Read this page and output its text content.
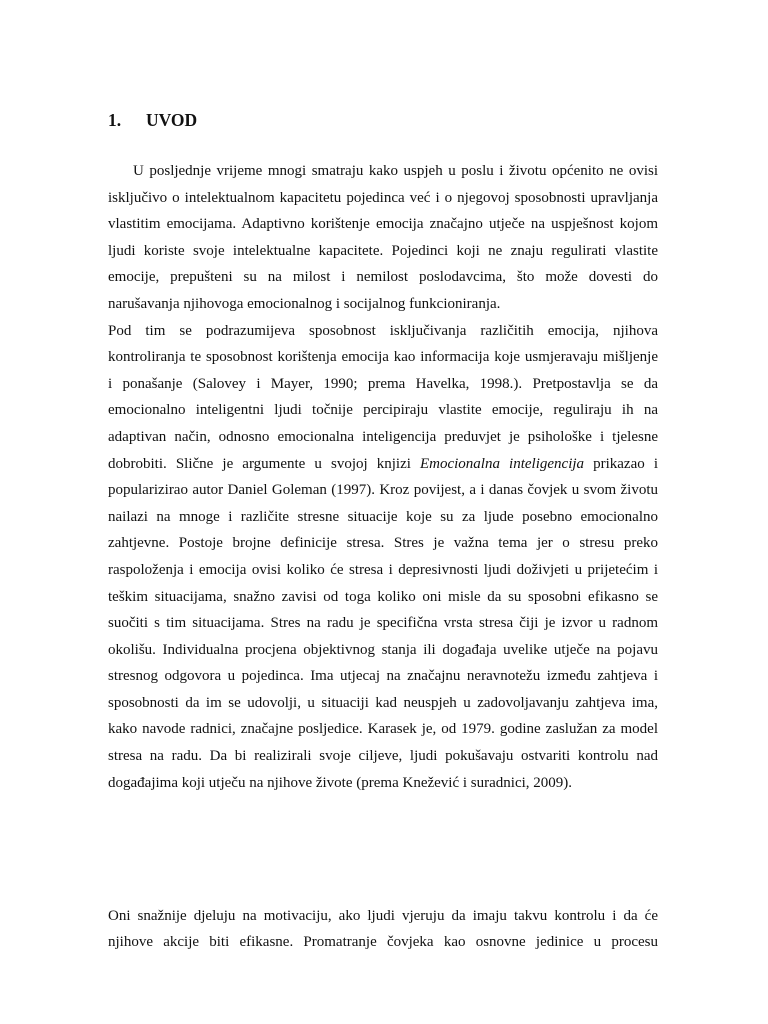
1. UVOD
U posljednje vrijeme mnogi smatraju kako uspjeh u poslu i životu općenito ne ovisi
isključivo o intelektualnom kapacitetu pojedinca već i o njegovoj sposobnosti upravljanja
vlastitim emocijama. Adaptivno korištenje emocija značajno utječe na uspješnost kojom
ljudi koriste svoje intelektualne kapacitete. Pojedinci koji ne znaju regulirati vlastite
emocije, prepušteni su na milost i nemilost poslodavcima, što može dovesti do
narušavanja njihovoga emocionalnog i socijalnog funkcioniranja.
Pod tim se podrazumijeva sposobnost isključivanja različitih emocija, njihova
kontroliranja te sposobnost korištenja emocija kao informacija koje usmjeravaju mišljenje
i ponašanje (Salovey i Mayer, 1990; prema Havelka, 1998.). Pretpostavlja se da
emocionalno inteligentni ljudi točnije percipiraju vlastite emocije, reguliraju ih na
adaptivan način, odnosno emocionalna inteligencija preduvjet je psihološke i tjelesne
dobrobiti. Slične je argumente u svojoj knjizi Emocionalna inteligencija prikazao i
popularizirao autor Daniel Goleman (1997). Kroz povijest, a i danas čovjek u svom životu
nailazi na mnoge i različite stresne situacije koje su za ljude posebno emocionalno
zahtjevne. Postoje brojne definicije stresa. Stres je važna tema jer o stresu preko
raspoloženja i emocija ovisi koliko će stresa i depresivnosti ljudi doživjeti u prijetećim i
teškim situacijama, snažno zavisi od toga koliko oni misle da su sposobni efikasno se
suočiti s tim situacijama. Stres na radu je specifična vrsta stresa čiji je izvor u radnom
okolišu. Individualna procjena objektivnog stanja ili događaja uvelike utječe na pojavu
stresnog odgovora u pojedinca. Ima utjecaj na značajnu neravnotežu između zahtjeva i
sposobnosti da im se udovolji, u situaciji kad neuspjeh u zadovoljavanju zahtjeva ima,
kako navode radnici, značajne posljedice. Karasek je, od 1979. godine zaslužan za model
stresa na radu. Da bi realizirali svoje ciljeve, ljudi pokušavaju ostvariti kontrolu nad
događajima koji utječu na njihove živote (prema Knežević i suradnici, 2009).
Oni snažnije djeluju na motivaciju, ako ljudi vjeruju da imaju takvu kontrolu i da će
njihove akcije biti efikasne. Promatranje čovjeka kao osnovne jedinice u procesu
